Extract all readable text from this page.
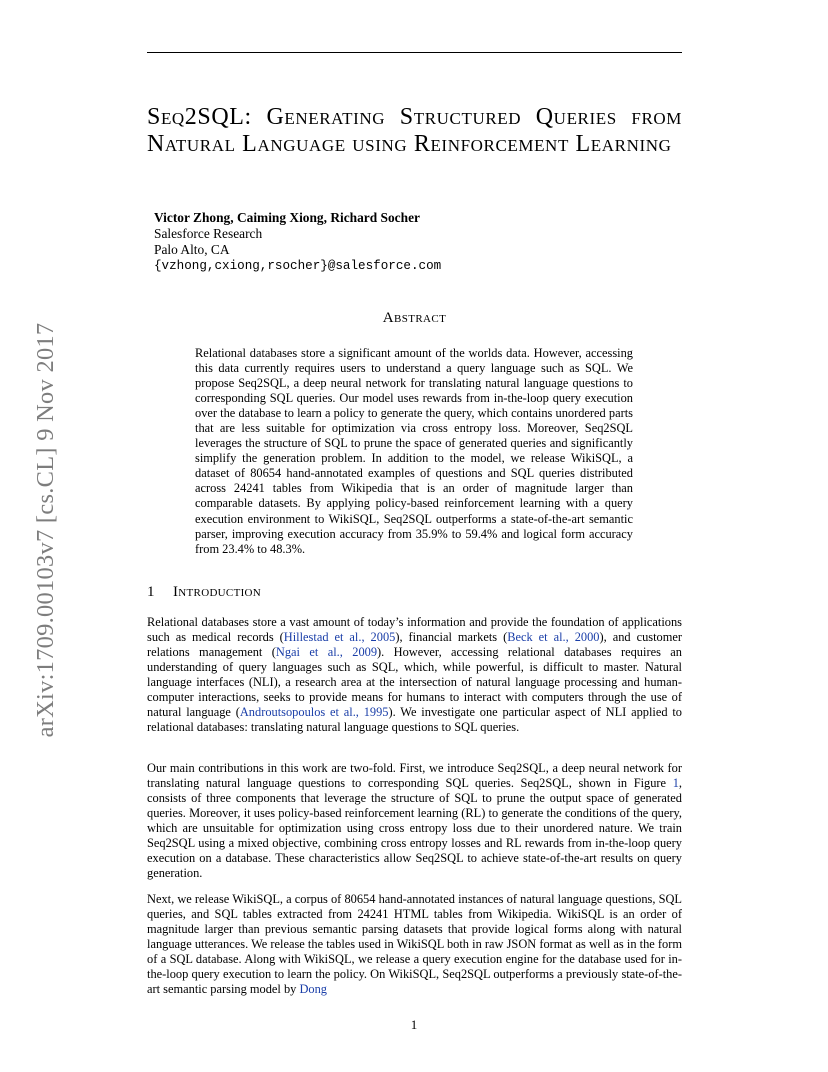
Seq2SQL: Generating Structured Queries from Natural Language using Reinforcement Learning
Victor Zhong, Caiming Xiong, Richard Socher
Salesforce Research
Palo Alto, CA
{vzhong,cxiong,rsocher}@salesforce.com
Abstract

Relational databases store a significant amount of the worlds data. However, accessing this data currently requires users to understand a query language such as SQL. We propose Seq2SQL, a deep neural network for translating natural language questions to corresponding SQL queries. Our model uses rewards from in-the-loop query execution over the database to learn a policy to generate the query, which contains unordered parts that are less suitable for optimization via cross entropy loss. Moreover, Seq2SQL leverages the structure of SQL to prune the space of generated queries and significantly simplify the generation problem. In addition to the model, we release WikiSQL, a dataset of 80654 hand-annotated examples of questions and SQL queries distributed across 24241 tables from Wikipedia that is an order of magnitude larger than comparable datasets. By applying policy-based reinforcement learning with a query execution environment to WikiSQL, Seq2SQL outperforms a state-of-the-art semantic parser, improving execution accuracy from 35.9% to 59.4% and logical form accuracy from 23.4% to 48.3%.

1 Introduction

Relational databases store a vast amount of today’s information and provide the foundation of applications such as medical records (Hillestad et al., 2005), financial markets (Beck et al., 2000), and customer relations management (Ngai et al., 2009). However, accessing relational databases requires an understanding of query languages such as SQL, which, while powerful, is difficult to master. Natural language interfaces (NLI), a research area at the intersection of natural language processing and human-computer interactions, seeks to provide means for humans to interact with computers through the use of natural language (Androutsopoulos et al., 1995). We investigate one particular aspect of NLI applied to relational databases: translating natural language questions to SQL queries.

Our main contributions in this work are two-fold. First, we introduce Seq2SQL, a deep neural network for translating natural language questions to corresponding SQL queries. Seq2SQL, shown in Figure 1, consists of three components that leverage the structure of SQL to prune the output space of generated queries. Moreover, it uses policy-based reinforcement learning (RL) to generate the conditions of the query, which are unsuitable for optimization using cross entropy loss due to their unordered nature. We train Seq2SQL using a mixed objective, combining cross entropy losses and RL rewards from in-the-loop query execution on a database. These characteristics allow Seq2SQL to achieve state-of-the-art results on query generation.

Next, we release WikiSQL, a corpus of 80654 hand-annotated instances of natural language questions, SQL queries, and SQL tables extracted from 24241 HTML tables from Wikipedia. WikiSQL is an order of magnitude larger than previous semantic parsing datasets that provide logical forms along with natural language utterances. We release the tables used in WikiSQL both in raw JSON format as well as in the form of a SQL database. Along with WikiSQL, we release a query execution engine for the database used for in-the-loop query execution to learn the policy. On WikiSQL, Seq2SQL outperforms a previously state-of-the-art semantic parsing model by Dong

1
arXiv:1709.00103v7 [cs.CL] 9 Nov 2017
